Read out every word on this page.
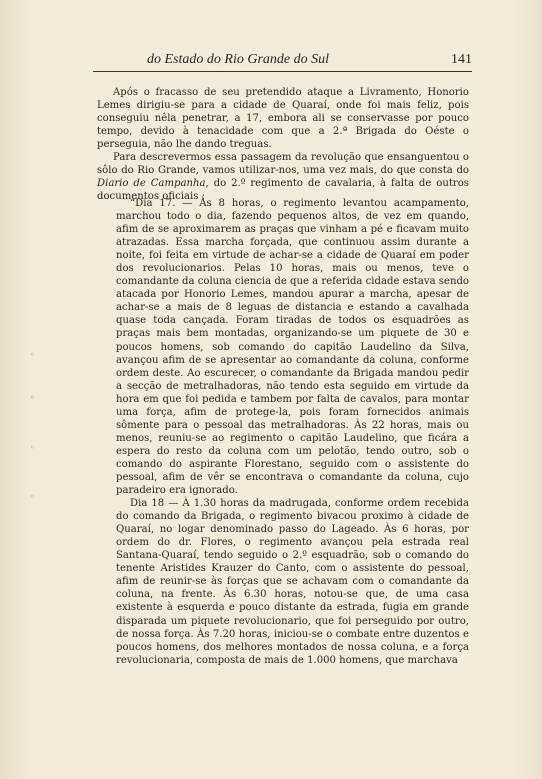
do Estado do Rio Grande do Sul	141

Após o fracasso de seu pretendido ataque a Livramento, Honorio Lemes dirigiu-se para a cidade de Quaraí, onde foi mais feliz, pois conseguiu nêla penetrar, a 17, embora ali se conservasse por pouco tempo, devido à tenacidade com que a 2.ª Brigada do Oéste o perseguia, não lhe dando treguas.

Para descrevermos essa passagem da revolução que ensanguentou o sôlo do Rio Grande, vamos utilizar-nos, uma vez mais, do que consta do Diario de Campanha, do 2.º regimento de cavalaria, à falta de outros documentos oficiais :

“Dia 17. — Às 8 horas, o regimento levantou acampamento, marchou todo o dia, fazendo pequenos altos, de vez em quando, afim de se aproximarem as praças que vinham a pé e ficavam muito atrazadas. Essa marcha forçada, que continuou assim durante a noite, foi feita em virtude de achar-se a cidade de Quaraí em poder dos revolucionarios. Pelas 10 horas, mais ou menos, teve o comandante da coluna ciencia de que a referida cidade estava sendo atacada por Honorio Lemes, mandou apurar a marcha, apesar de achar-se a mais de 8 leguas de distancia e estando a cavalhada quase toda cançada. Foram tiradas de todos os esquadrões as praças mais bem montadas, organizando-se um piquete de 30 e poucos homens, sob comando do capitão Laudelino da Silva, avançou afim de se apresentar ao comandante da coluna, conforme ordem deste. Ao escurecer, o comandante da Brigada mandou pedir a secção de metralhadoras, não tendo esta seguido em virtude da hora em que foi pedida e tambem por falta de cavalos, para montar uma força, afim de protege-la, pois foram fornecidos animais sômente para o pessoal das metralhadoras. Às 22 horas, mais ou menos, reuniu-se ao regimento o capitão Laudelino, que ficára a espera do resto da coluna com um pelotão, tendo outro, sob o comando do aspirante Florestano, seguido com o assistente do pessoal, afim de vêr se encontrava o comandante da coluna, cujo paradeiro era ignorado.

Dia 18 — À 1.30 horas da madrugada, conforme ordem recebida do comando da Brigada, o regimento bivacou proximo à cidade de Quaraí, no logar denominado passo do Lageado. Às 6 horas, por ordem do dr. Flores, o regimento avançou pela estrada real Santana-Quaraí, tendo seguido o 2.º esquadrão, sob o comando do tenente Aristides Krauzer do Canto, com o assistente do pessoal, afim de reunir-se às forças que se achavam com o comandante da coluna, na frente. Às 6.30 horas, notou-se que, de uma casa existente à esquerda e pouco distante da estrada, fugia em grande disparada um piquete revolucionario, que foi perseguido por outro, de nossa força. Às 7.20 horas, iniciou-se o combate entre duzentos e poucos homens, dos melhores montados de nossa coluna, e a força revolucionaria, composta de mais de 1.000 homens, que marchava

◦
◦
◦
◦
